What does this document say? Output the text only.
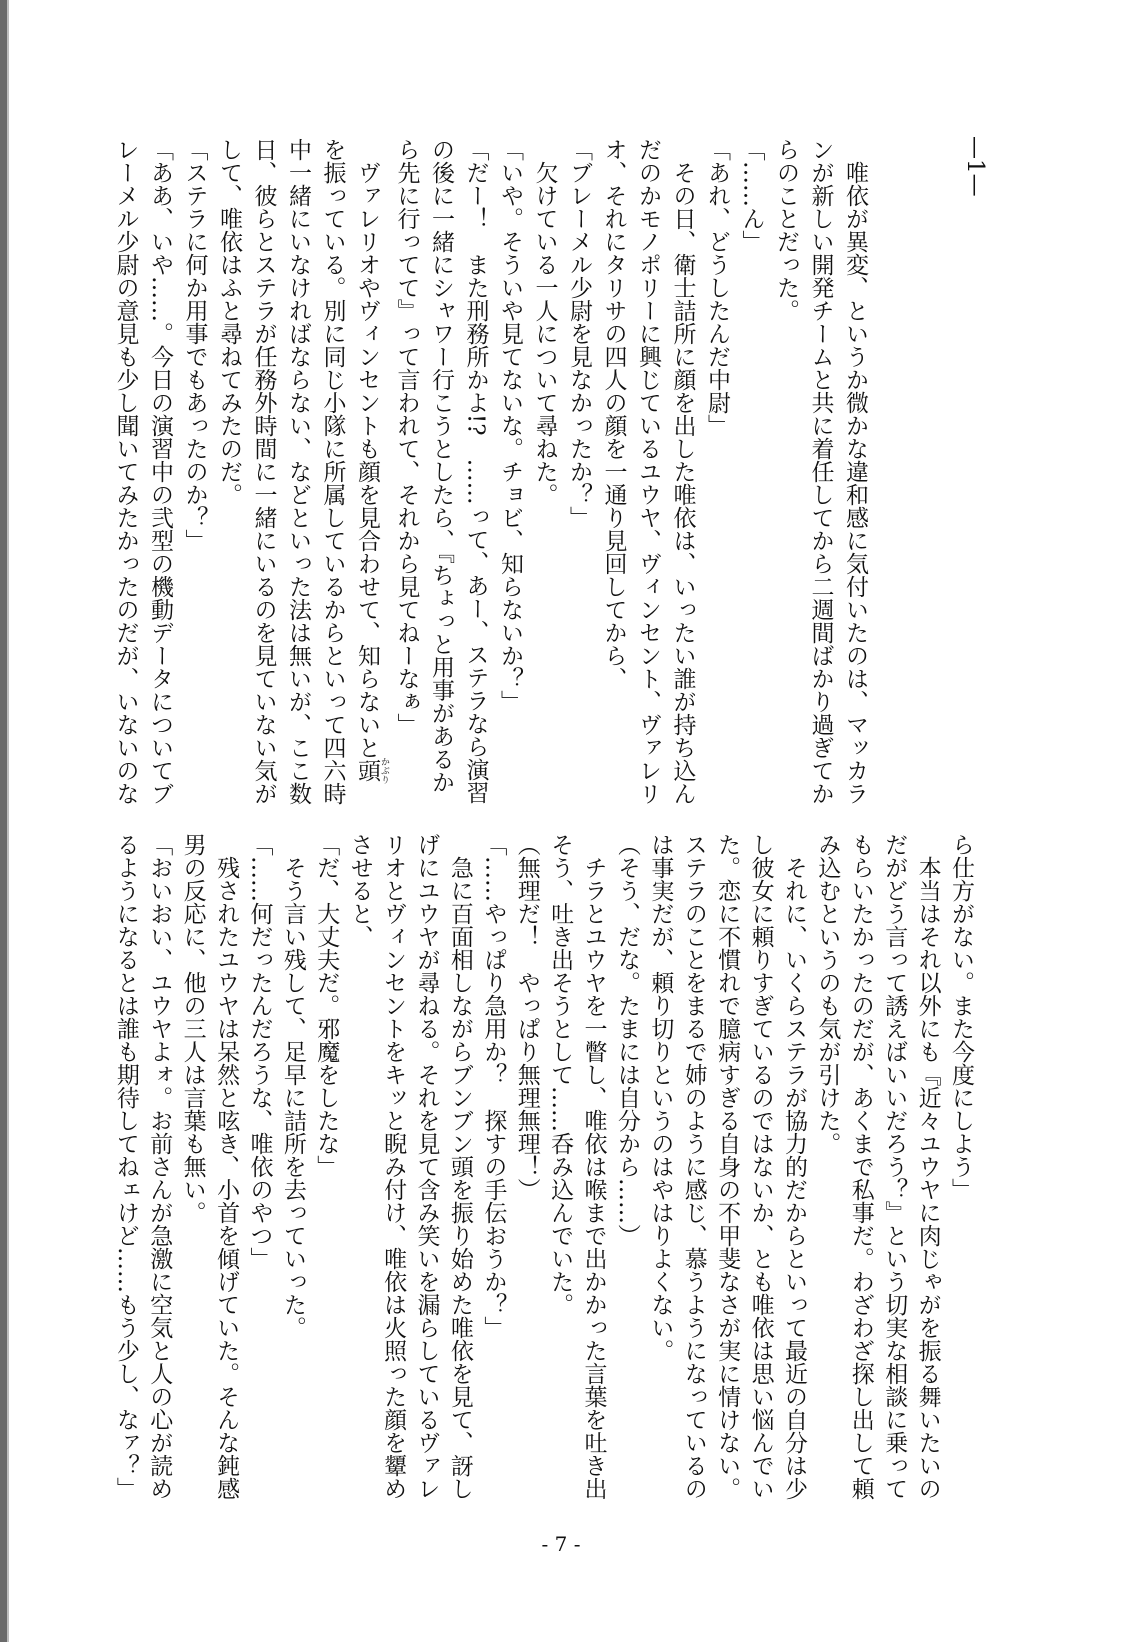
—1—
　唯依が異変、というか微かな違和感に気付いたのは、マッカラ
ンが新しい開発チームと共に着任してから二週間ばかり過ぎてか
らのことだった。
「……ん」
「あれ、どうしたんだ中尉」
　その日、衛士詰所に顔を出した唯依は、いったい誰が持ち込ん
だのかモノポリーに興じているユウヤ、ヴィンセント、ヴァレリ
オ、それにタリサの四人の顔を一通り見回してから、
「ブレーメル少尉を見なかったか？」
　欠けている一人について尋ねた。
「いや。そういや見てないな。チョビ、知らないか？」
「だー！　また刑務所かよ!?　……って、あー、ステラなら演習
の後に一緒にシャワー行こうとしたら、『ちょっと用事があるか
ら先に行ってて』って言われて、それから見てねーなぁ」
　ヴァレリオやヴィンセントも顔を見合わせて、知らないと頭 かぶり
を振っている。別に同じ小隊に所属しているからといって四六時
中一緒にいなければならない、などといった法は無いが、ここ数
日、彼らとステラが任務外時間に一緒にいるのを見ていない気が
して、唯依はふと尋ねてみたのだ。
「ステラに何か用事でもあったのか？」
「ああ、いや……。今日の演習中の弐型の機動データについてブ
レーメル少尉の意見も少し聞いてみたかったのだが、いないのな
ら仕方がない。また今度にしよう」
　本当はそれ以外にも『近々ユウヤに肉じゃがを振る舞いたいの
だがどう言って誘えばいいだろう？』という切実な相談に乗って
もらいたかったのだが、あくまで私事だ。わざわざ探し出して頼
み込むというのも気が引けた。
　それに、いくらステラが協力的だからといって最近の自分は少
し彼女に頼りすぎているのではないか、とも唯依は思い悩んでい
た。恋に不慣れで臆病すぎる自身の不甲斐なさが実に情けない。
ステラのことをまるで姉のように感じ、慕うようになっているの
は事実だが、頼り切りというのはやはりよくない。
（そう、だな。たまには自分から……）
　チラとユウヤを一瞥し、唯依は喉まで出かかった言葉を吐き出
そう、吐き出そうとして……呑み込んでいた。
（無理だ！　やっぱり無理無理！）
「……やっぱり急用か？　探すの手伝おうか？」
　急に百面相しながらブンブン頭を振り始めた唯依を見て、訝し
げにユウヤが尋ねる。それを見て含み笑いを漏らしているヴァレ
リオとヴィンセントをキッと睨み付け、唯依は火照った顔を顰め
させると、
「だ、大丈夫だ。邪魔をしたな」
　そう言い残して、足早に詰所を去っていった。
「……何だったんだろうな、唯依のやつ」
　残されたユウヤは呆然と呟き、小首を傾げていた。そんな鈍感
男の反応に、他の三人は言葉も無い。
「おいおい、ユウヤよォ。お前さんが急激に空気と人の心が読め
るようになるとは誰も期待してねェけど……もう少し、なァ？」
- 7 -
